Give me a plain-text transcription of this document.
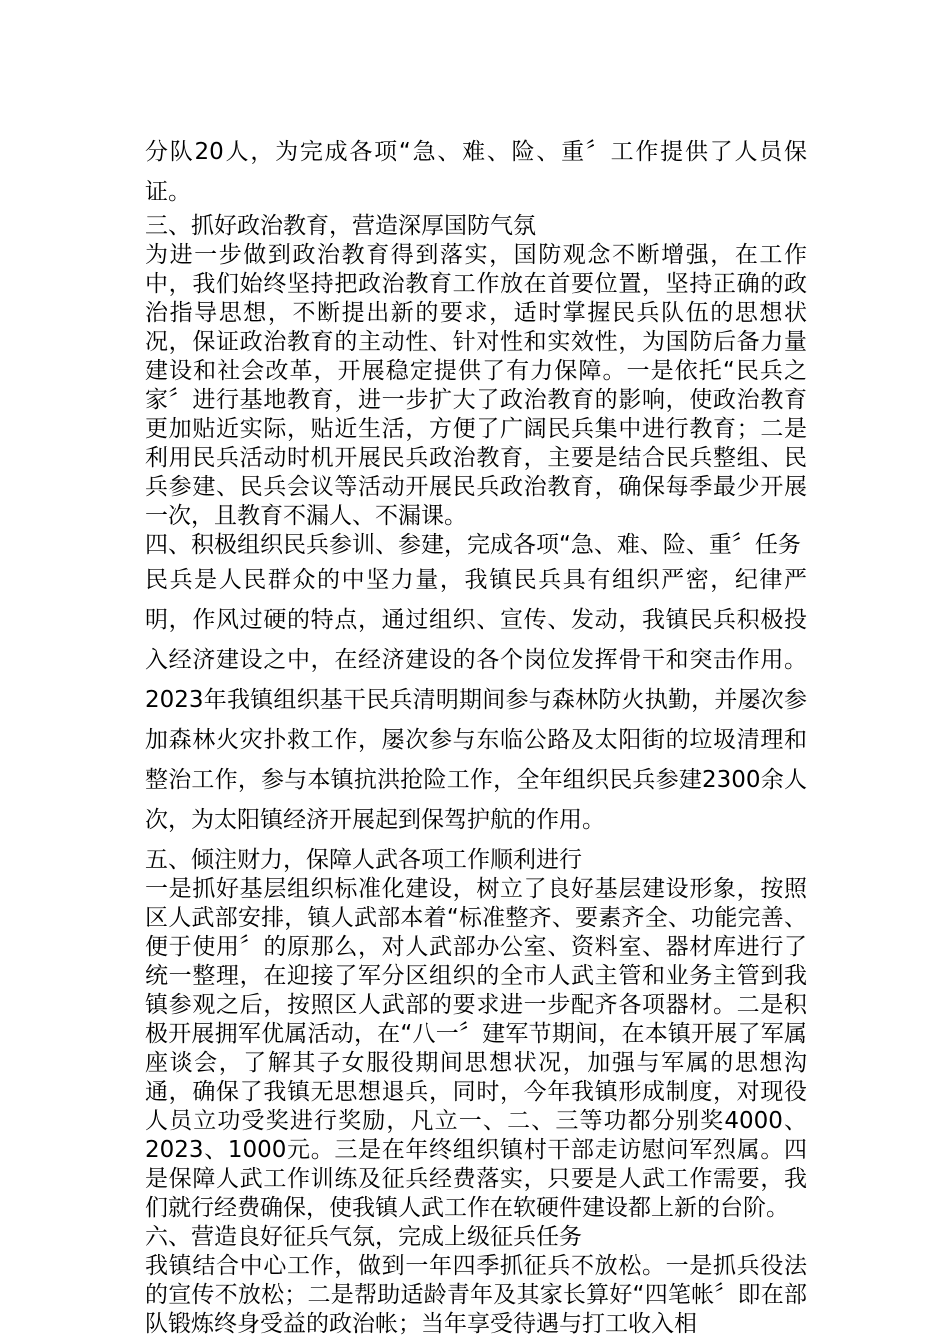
分队20人，为完成各项“急、难、险、重〞工作提供了人员保证。

三、抓好政治教育，营造深厚国防气氛

为进一步做到政治教育得到落实，国防观念不断增强，在工作中，我们始终坚持把政治教育工作放在首要位置，坚持正确的政治指导思想，不断提出新的要求，适时掌握民兵队伍的思想状况，保证政治教育的主动性、针对性和实效性，为国防后备力量建设和社会改革，开展稳定提供了有力保障。一是依托“民兵之家〞进行基地教育，进一步扩大了政治教育的影响，使政治教育更加贴近实际，贴近生活，方便了广阔民兵集中进行教育；二是利用民兵活动时机开展民兵政治教育，主要是结合民兵整组、民兵参建、民兵会议等活动开展民兵政治教育，确保每季最少开展一次，且教育不漏人、不漏课。

四、积极组织民兵参训、参建，完成各项“急、难、险、重〞任务

民兵是人民群众的中坚力量，我镇民兵具有组织严密，纪律严明，作风过硬的特点，通过组织、宣传、发动，我镇民兵积极投入经济建设之中，在经济建设的各个岗位发挥骨干和突击作用。2023年我镇组织基干民兵清明期间参与森林防火执勤，并屡次参加森林火灾扑救工作，屡次参与东临公路及太阳街的垃圾清理和整治工作，参与本镇抗洪抢险工作，全年组织民兵参建2300余人次，为太阳镇经济开展起到保驾护航的作用。

五、倾注财力，保障人武各项工作顺利进行

一是抓好基层组织标准化建设，树立了良好基层建设形象，按照区人武部安排，镇人武部本着“标准整齐、要素齐全、功能完善、便于使用〞的原那么，对人武部办公室、资料室、器材库进行了统一整理，在迎接了军分区组织的全市人武主管和业务主管到我镇参观之后，按照区人武部的要求进一步配齐各项器材。二是积极开展拥军优属活动，在“八一〞建军节期间，在本镇开展了军属座谈会，了解其子女服役期间思想状况，加强与军属的思想沟通，确保了我镇无思想退兵，同时，今年我镇形成制度，对现役人员立功受奖进行奖励，凡立一、二、三等功都分别奖4000、2023、1000元。三是在年终组织镇村干部走访慰问军烈属。四是保障人武工作训练及征兵经费落实，只要是人武工作需要，我们就行经费确保，使我镇人武工作在软硬件建设都上新的台阶。

六、营造良好征兵气氛，完成上级征兵任务

我镇结合中心工作，做到一年四季抓征兵不放松。一是抓兵役法的宣传不放松；二是帮助适龄青年及其家长算好“四笔帐〞即在部队锻炼终身受益的政治帐；当年享受待遇与打工收入相
